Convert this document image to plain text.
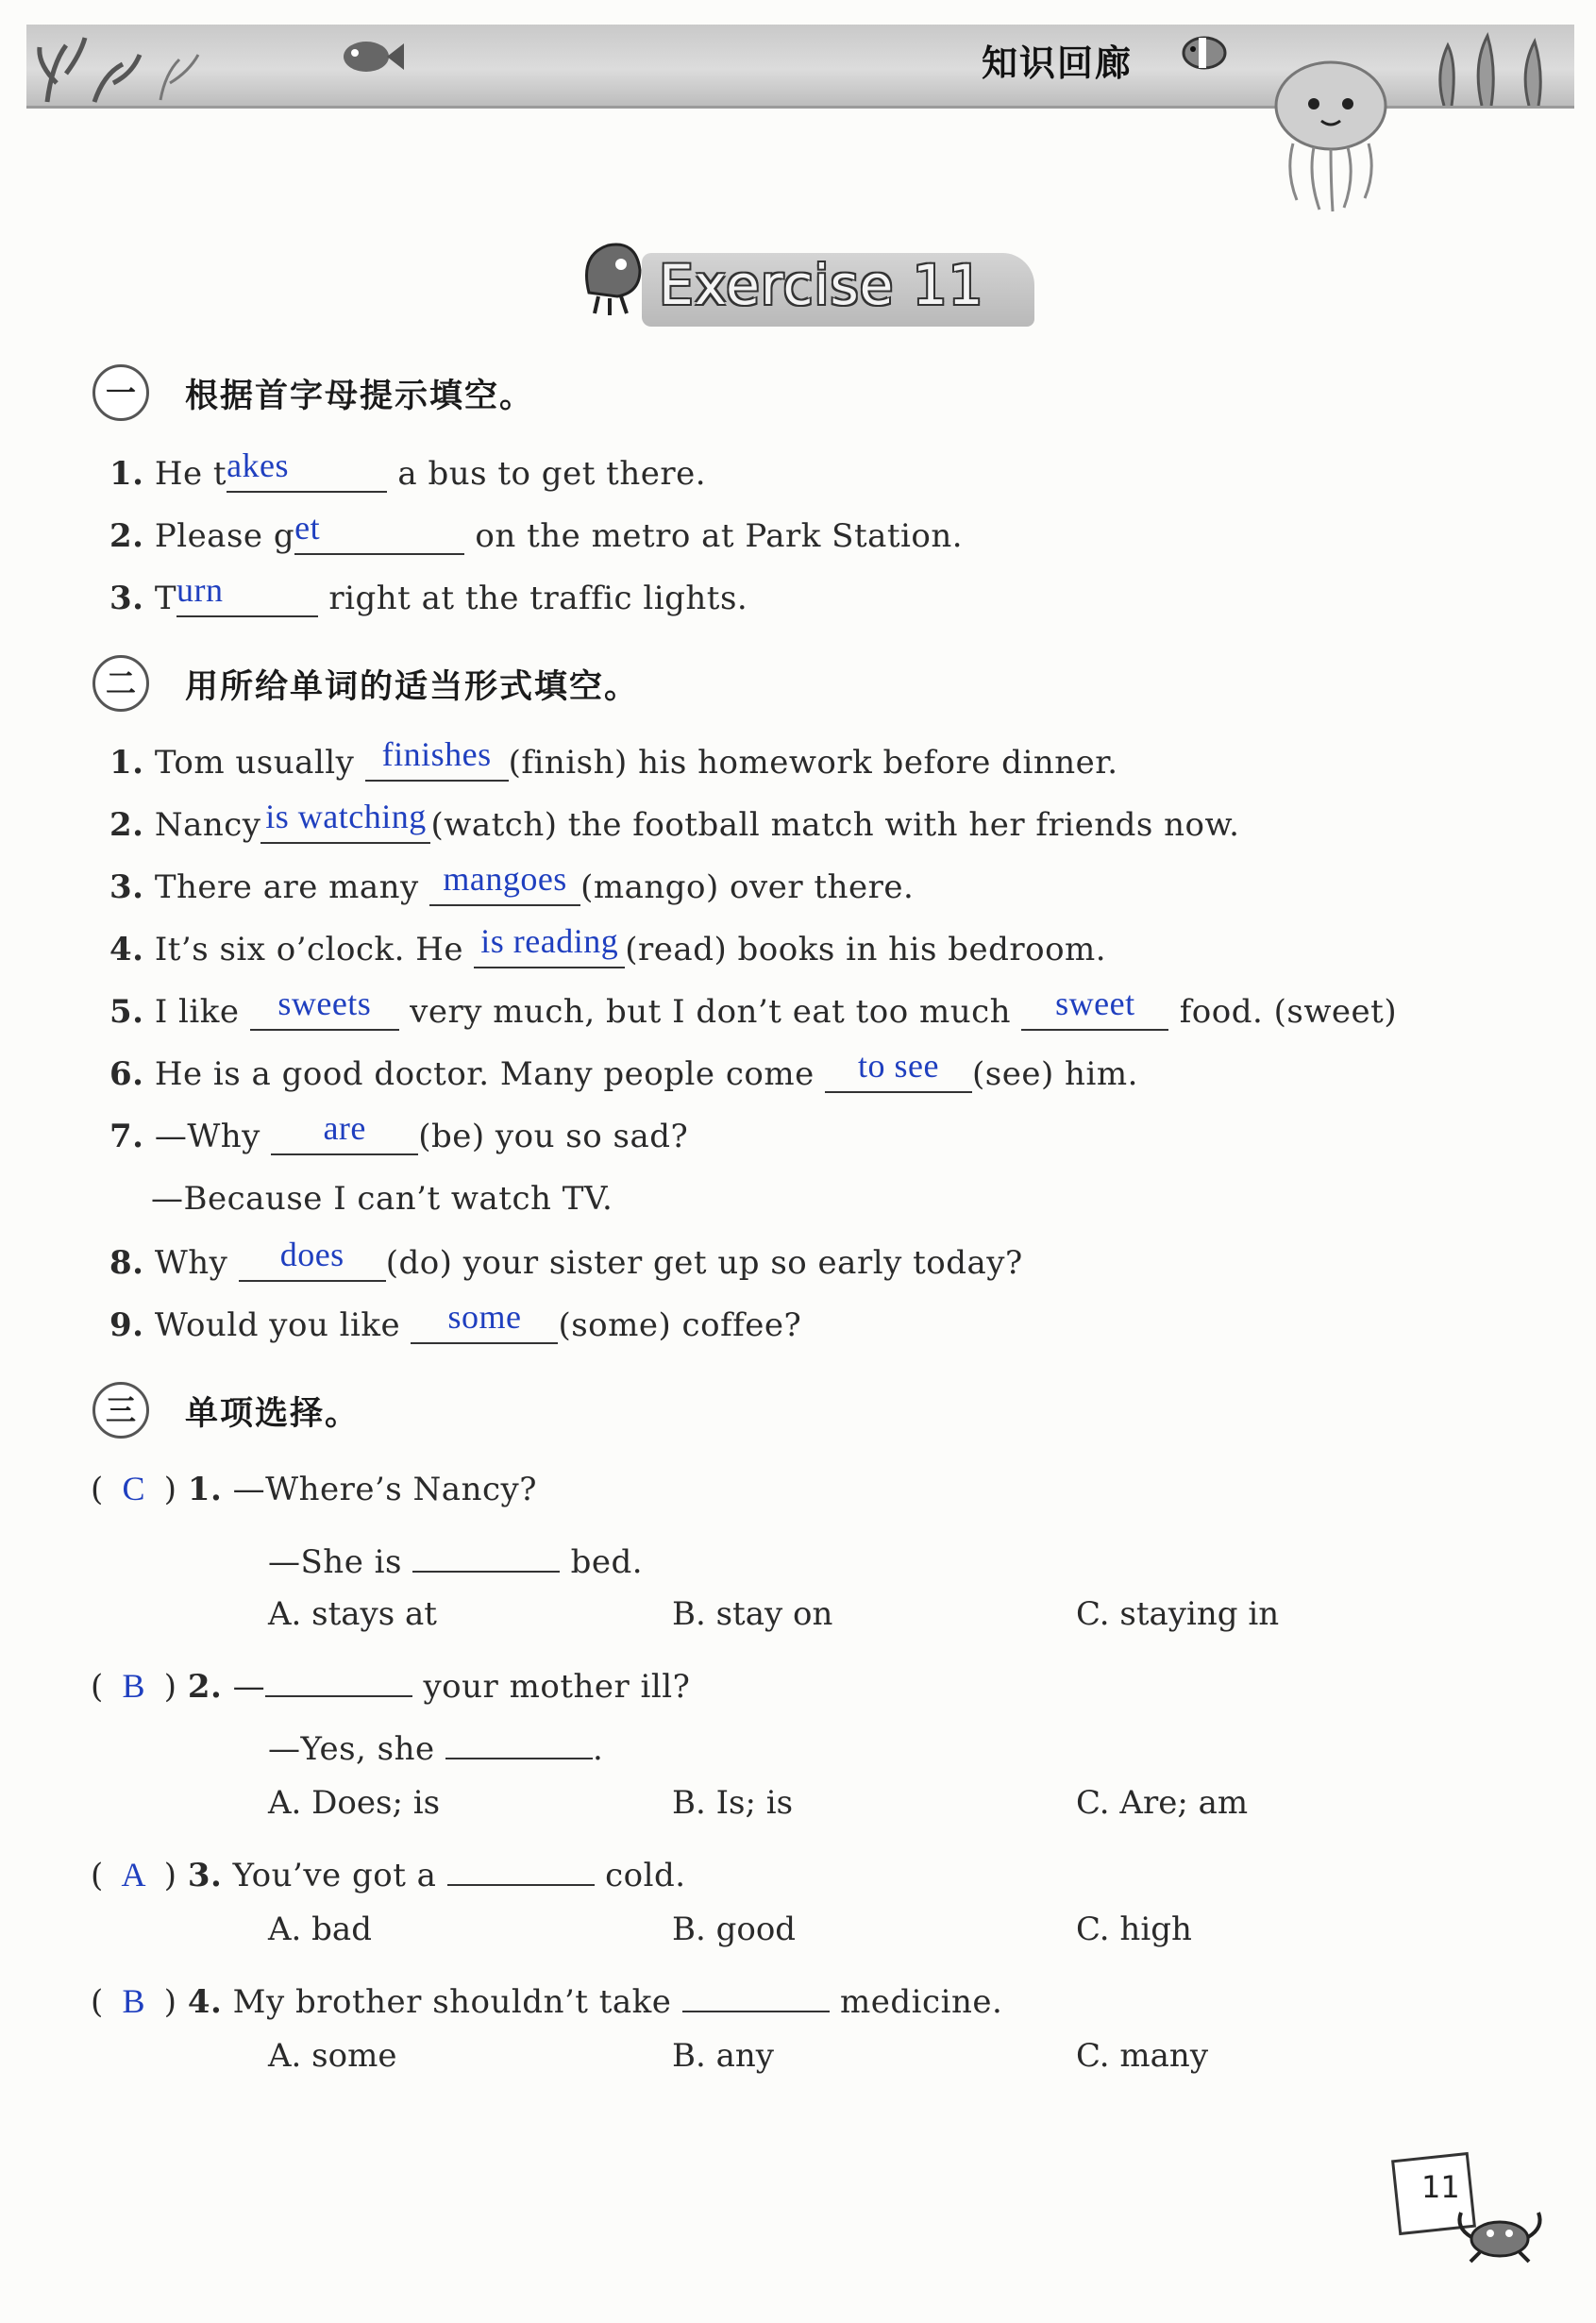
知识回廊
Exercise 11
一	根据首字母提示填空。
1. He takes	a bus to get there.
2. Please get	on the metro at Park Station.
3. Turn	right at the traffic lights.
二	用所给单词的适当形式填空。
1. Tom usually finishes (finish) his homework before dinner.
2. Nancy is watching (watch) the football match with her friends now.
3. There are many mangoes (mango) over there.
4. It’s six o’clock. He is reading (read) books in his bedroom.
5. I like sweets very much, but I don’t eat too much sweet food. (sweet)
6. He is a good doctor. Many people come to see (see) him.
7. —Why are (be) you so sad?
—Because I can’t watch TV.
8. Why does (do) your sister get up so early today?
9. Would you like some (some) coffee?
三	单项选择。
( C ) 1. —Where’s Nancy?
—She is	bed.
A. stays at	B. stay on	C. staying in
( B ) 2. —	your mother ill?
—Yes, she	.
A. Does; is	B. Is; is	C. Are; am
( A ) 3. You’ve got a	cold.
A. bad	B. good	C. high
( B ) 4. My brother shouldn’t take	medicine.
A. some	B. any	C. many
11
